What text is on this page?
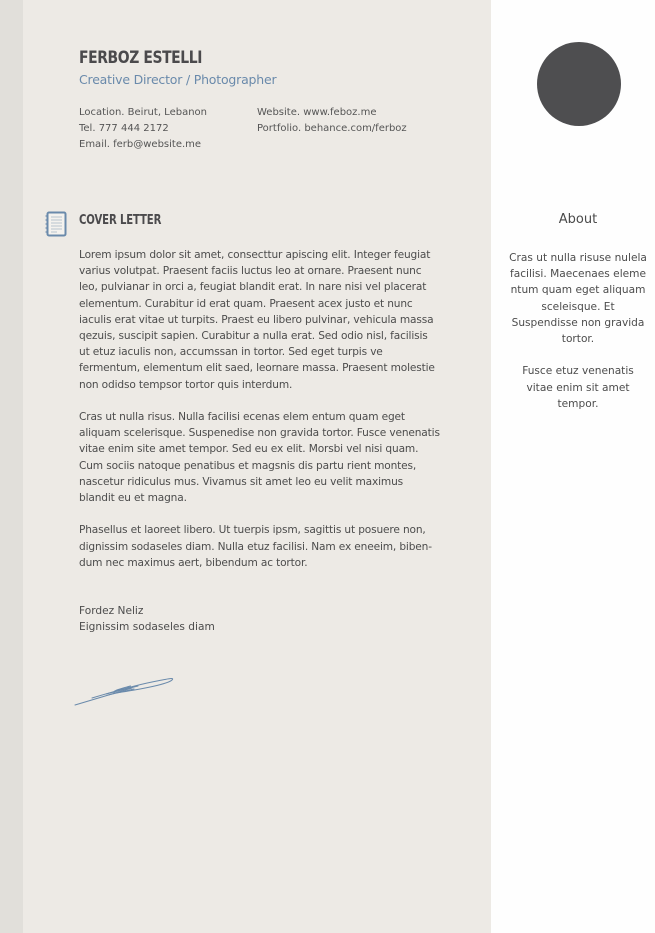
FERBOZ ESTELLI
Creative Director / Photographer
Location. Beirut, Lebanon
Tel. 777 444 2172
Email. ferb@website.me
Website. www.feboz.me
Portfolio. behance.com/ferboz
COVER LETTER

Lorem ipsum dolor sit amet, consecttur apiscing elit. Integer feugiat varius volutpat. Praesent faciis luctus leo at ornare. Praesent nunc leo, pulvianar in orci a, feugiat blandit erat. In nare nisi vel placerat elementum. Curabitur id erat quam. Praesent acex justo et nunc iaculis erat vitae ut turpits. Praest eu libero pulvinar, vehicula massa qezuis, suscipit sapien. Curabitur a nulla erat. Sed odio nisl, facilisis ut etuz iaculis non, accumssan in tortor. Sed eget turpis ve fermentum, elementum elit saed, leornare massa. Praesent molestie non odidso tempsor tortor quis interdum.

Cras ut nulla risus. Nulla facilisi ecenas elem entum quam eget aliquam scelerisque. Suspenedise non gravida tortor. Fusce venenatis vitae enim site amet tempor. Sed eu ex elit. Morsbi vel nisi quam. Cum sociis natoque penatibus et magsnis dis partu rient montes, nascetur ridiculus mus. Vivamus sit amet leo eu velit maximus blandit eu et magna.

Phasellus et laoreet libero. Ut tuerpis ipsm, sagittis ut posuere non, dignissim sodaseles diam. Nulla etuz facilisi. Nam ex eneeim, biben-dum nec maximus aert, bibendum ac tortor.

Fordez Neliz
Eignissim sodaseles diam
About

Cras ut nulla risuse nulela facilisi. Maecenaes eleme ntum quam eget aliquam sceleisque. Et Suspendisse non gravida tortor.

Fusce etuz venenatis vitae enim sit amet tempor.
